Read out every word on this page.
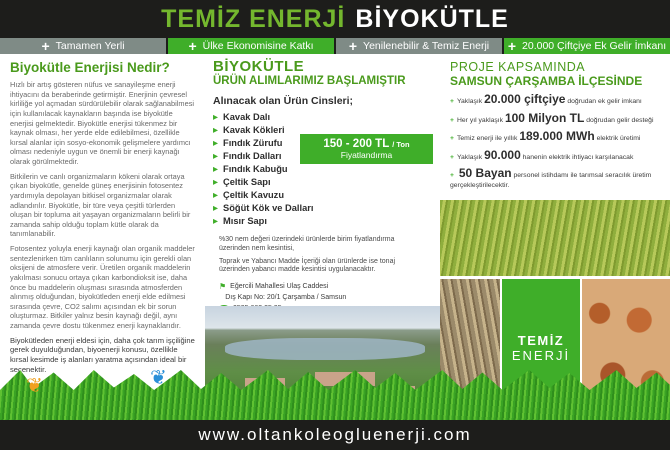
TEMİZ ENERJİ BİYOKÜTLE
+ Tamamen Yerli	+ Ülke Ekonomisine Katkı	+ Yenilenebilir & Temiz Enerji + 20.000 Çiftçiye Ek Gelir İmkanı
Biyokütle Enerjisi Nedir?

Hızlı bir artış gösteren nüfus ve sanayileşme enerji ihtiyacını da beraberinde getirmiştir. Enerjinin çevresel kirliliğe yol açmadan sürdürülebilir olarak sağlanabilmesi için kullanılacak kaynakların başında ise biyokütle enerjisi gelmektedir. Biyokütle enerjisi tükenmez bir kaynak olması, her yerde elde edilebilmesi, özellikle kırsal alanlar için sosyo-ekonomik gelişmelere yardımcı olması nedeniyle uygun ve önemli bir enerji kaynağı olarak görülmektedir.

Bitkilerin ve canlı organizmaların kökeni olarak ortaya çıkan biyokütle, genelde güneş enerjisinin fotosentez yardımıyla depolayan bitkisel organizmalar olarak adlandırılır. Biyokütle, bir türe veya çeşitli türlerden oluşan bir topluma ait yaşayan organizmaların belirli bir zamanda sahip olduğu toplam kütle olarak da tanımlanabilir.

Fotosentez yoluyla enerji kaynağı olan organik maddeler sentezlenirken tüm canlıların solunumu için gerekli olan oksijeni de atmosfere verir. Üretilen organik maddelerin yakılması sonucu ortaya çıkan karbondioksit ise, daha önce bu maddelerin oluşması sırasında atmosferden alınmış olduğundan, biyokütleden enerji elde edilmesi sırasında çevre, CO2 salımı açısından ek bir sorun oluşturmaz. Bitkiler yalnız besin kaynağı değil, aynı zamanda çevre dostu tükenmez enerji kaynaklarıdır.

Biyokütleden enerji eldesi için, daha çok tarım işçiliğine gerek duyulduğundan, biyoenerji konusu, özellikle kırsal kesimde iş alanları yaratma açısından ideal bir seçenektir.

BİYOKÜTLE
ÜRÜN ALIMLARIMIZ BAŞLAMIŞTIR
Alınacak olan Ürün Cinsleri;
▸ Kavak Dalı
▸ Kavak Kökleri
▸ Fındık Zürufu
▸ Fındık Dalları
▸ Fındık Kabuğu
▸ Çeltik Sapı
▸ Çeltik Kavuzu
▸ Söğüt Kök ve Dalları
▸ Mısır Sapı

%30 nem değeri üzerindeki ürünlerde birim fiyatlandırma üzerinden nem kesintisi,

Toprak ve Yabancı Madde İçeriği olan ürünlerde ise tonaj üzerinden yabancı madde kesintisi uygulanacaktır.

⚑ Eğercili Mahallesi Ulaş Caddesi

Dış Kapı No: 20/1 Çarşamba / Samsun
150 - 200 TL / Ton
Fiyatlandırma
PROJE KAPSAMINDA
SAMSUN ÇARŞAMBA İLÇESİNDE
+ Yaklaşık 20.000 çiftçiye doğrudan ek gelir imkanı
+ Her yıl yaklaşık 100 Milyon TL doğrudan gelir desteği
+ Temiz enerji ile yıllık 189.000 MWh elektrik üretimi
+ Yaklaşık 90.000 hanenin elektrik ihtiyacı karşılanacak
+ 50 Bayan personel istihdamı ile tarımsal seracılık üretim gerçekleştirilecektir.
TEMİZ
ENERJİ
❦	❦
www.oltankoleogluenerji.com
